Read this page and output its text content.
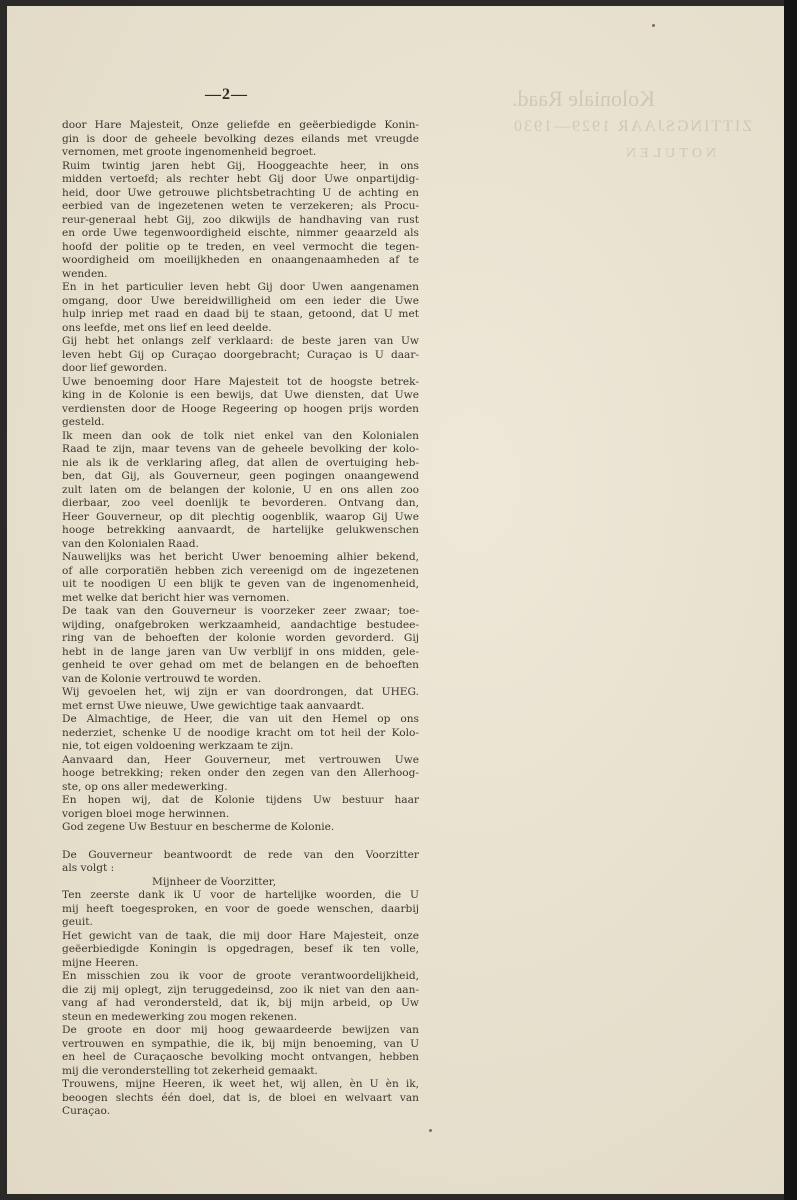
Koloniale Raad.
ZITTINGSJAAR 1929—1930
NOTULEN
—2—
door Hare Majesteit, Onze geliefde en geëerbiedigde Konin-
gin is door de geheele bevolking dezes eilands met vreugde
vernomen, met groote ingenomenheid begroet.
Ruim twintig jaren hebt Gij, Hooggeachte heer, in ons
midden vertoefd; als rechter hebt Gij door Uwe onpartijdig-
heid, door Uwe getrouwe plichtsbetrachting U de achting en
eerbied van de ingezetenen weten te verzekeren; als Procu-
reur-generaal hebt Gij, zoo dikwijls de handhaving van rust
en orde Uwe tegenwoordigheid eischte, nimmer geaarzeld als
hoofd der politie op te treden, en veel vermocht die tegen-
woordigheid om moeilijkheden en onaangenaamheden af te
wenden.
En in het particulier leven hebt Gij door Uwen aangenamen
omgang, door Uwe bereidwilligheid om een ieder die Uwe
hulp inriep met raad en daad bij te staan, getoond, dat U met
ons leefde, met ons lief en leed deelde.
Gij hebt het onlangs zelf verklaard: de beste jaren van Uw
leven hebt Gij op Curaçao doorgebracht; Curaçao is U daar-
door lief geworden.
Uwe benoeming door Hare Majesteit tot de hoogste betrek-
king in de Kolonie is een bewijs, dat Uwe diensten, dat Uwe
verdiensten door de Hooge Regeering op hoogen prijs worden
gesteld.
Ik meen dan ook de tolk niet enkel van den Kolonialen
Raad te zijn, maar tevens van de geheele bevolking der kolo-
nie als ik de verklaring afleg, dat allen de overtuiging heb-
ben, dat Gij, als Gouverneur, geen pogingen onaangewend
zult laten om de belangen der kolonie, U en ons allen zoo
dierbaar, zoo veel doenlijk te bevorderen. Ontvang dan,
Heer Gouverneur, op dit plechtig oogenblik, waarop Gij Uwe
hooge betrekking aanvaardt, de hartelijke gelukwenschen
van den Kolonialen Raad.
Nauwelijks was het bericht Uwer benoeming alhier bekend,
of alle corporatiën hebben zich vereenigd om de ingezetenen
uit te noodigen U een blijk te geven van de ingenomenheid,
met welke dat bericht hier was vernomen.
De taak van den Gouverneur is voorzeker zeer zwaar; toe-
wijding, onafgebroken werkzaamheid, aandachtige bestudee-
ring van de behoeften der kolonie worden gevorderd. Gij
hebt in de lange jaren van Uw verblijf in ons midden, gele-
genheid te over gehad om met de belangen en de behoeften
van de Kolonie vertrouwd te worden.
Wij gevoelen het, wij zijn er van doordrongen, dat UHEG.
met ernst Uwe nieuwe, Uwe gewichtige taak aanvaardt.
De Almachtige, de Heer, die van uit den Hemel op ons
nederziet, schenke U de noodige kracht om tot heil der Kolo-
nie, tot eigen voldoening werkzaam te zijn.
Aanvaard dan, Heer Gouverneur, met vertrouwen Uwe
hooge betrekking; reken onder den zegen van den Allerhoog-
ste, op ons aller medewerking.
En hopen wij, dat de Kolonie tijdens Uw bestuur haar
vorigen bloei moge herwinnen.
God zegene Uw Bestuur en bescherme de Kolonie.
De Gouverneur beantwoordt de rede van den Voorzitter
als volgt :
Mijnheer de Voorzitter,
Ten zeerste dank ik U voor de hartelijke woorden, die U
mij heeft toegesproken, en voor de goede wenschen, daarbij
geuit.
Het gewicht van de taak, die mij door Hare Majesteit, onze
geëerbiedigde Koningin is opgedragen, besef ik ten volle,
mijne Heeren.
En misschien zou ik voor de groote verantwoordelijkheid,
die zij mij oplegt, zijn teruggedeinsd, zoo ik niet van den aan-
vang af had verondersteld, dat ik, bij mijn arbeid, op Uw
steun en medewerking zou mogen rekenen.
De groote en door mij hoog gewaardeerde bewijzen van
vertrouwen en sympathie, die ik, bij mijn benoeming, van U
en heel de Curaçaosche bevolking mocht ontvangen, hebben
mij die veronderstelling tot zekerheid gemaakt.
Trouwens, mijne Heeren, ik weet het, wij allen, èn U èn ik,
beoogen slechts één doel, dat is, de bloei en welvaart van
Curaçao.
